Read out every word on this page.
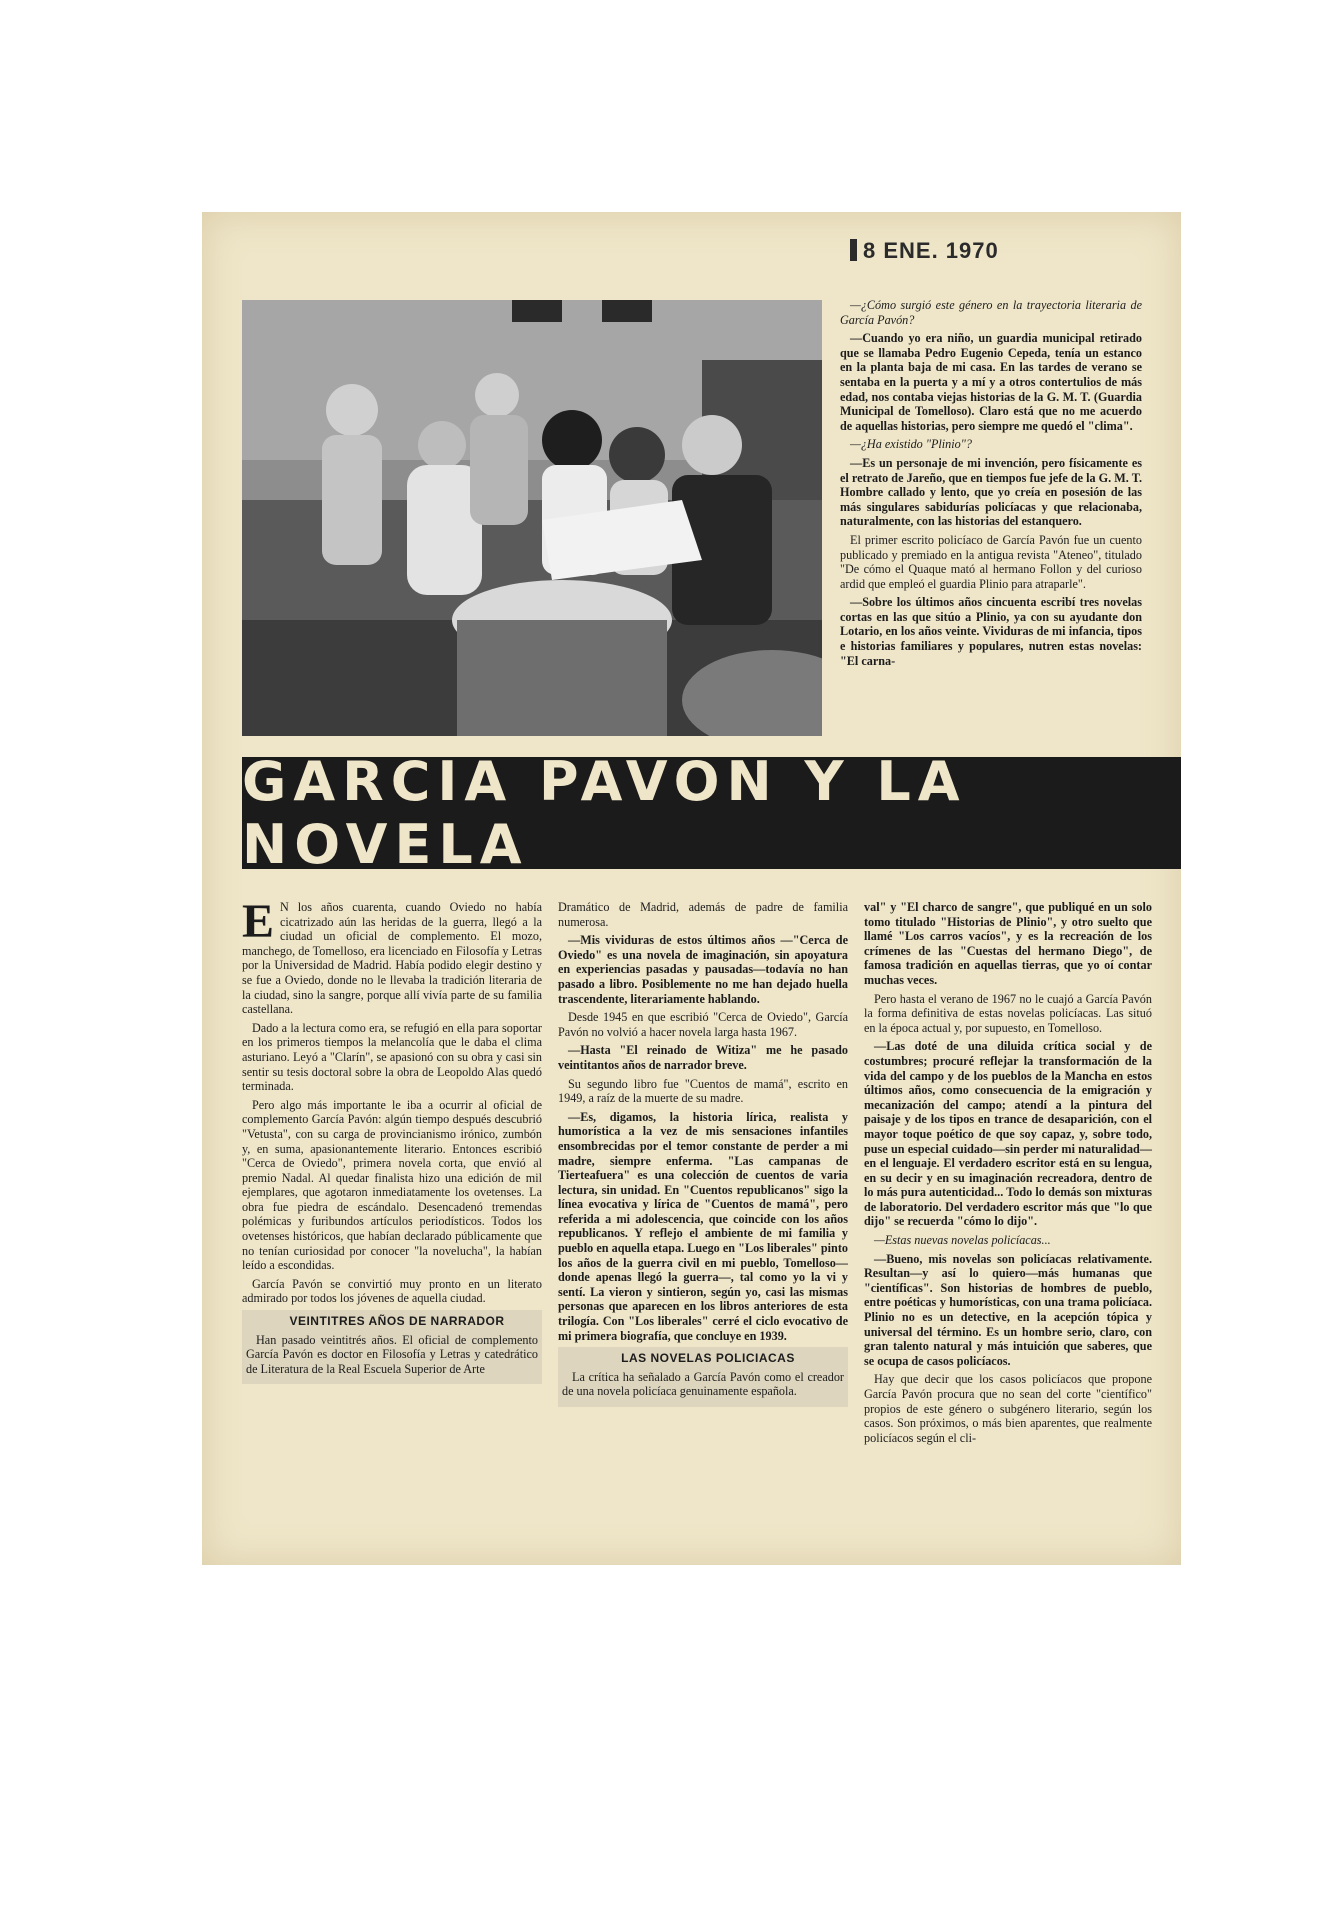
8 ENE. 1970

—¿Cómo surgió este género en la trayectoria literaria de García Pavón?

—Cuando yo era niño, un guardia municipal retirado que se llamaba Pedro Eugenio Cepeda, tenía un estanco en la planta baja de mi casa. En las tardes de verano se sentaba en la puerta y a mí y a otros contertulios de más edad, nos contaba viejas historias de la G. M. T. (Guardia Municipal de Tomelloso). Claro está que no me acuerdo de aquellas historias, pero siempre me quedó el "clima".

—¿Ha existido "Plinio"?

—Es un personaje de mi invención, pero físicamente es el retrato de Jareño, que en tiempos fue jefe de la G. M. T. Hombre callado y lento, que yo creía en posesión de las más singulares sabidurías policíacas y que relacionaba, naturalmente, con las historias del estanquero.

El primer escrito policíaco de García Pavón fue un cuento publicado y premiado en la antigua revista "Ateneo", titulado "De cómo el Quaque mató al hermano Follon y del curioso ardid que empleó el guardia Plinio para atraparle".

—Sobre los últimos años cincuenta escribí tres novelas cortas en las que sitúo a Plinio, ya con su ayudante don Lotario, en los años veinte. Vividuras de mi infancia, tipos e historias familiares y populares, nutren estas novelas: "El carna-

GARCIA PAVON Y LA NOVELA

E N los años cuarenta, cuando Oviedo no había cicatrizado aún las heridas de la guerra, llegó a la ciudad un oficial de complemento. El mozo, manchego, de Tomelloso, era licenciado en Filosofía y Letras por la Universidad de Madrid. Había podido elegir destino y se fue a Oviedo, donde no le llevaba la tradición literaria de la ciudad, sino la sangre, porque allí vivía parte de su familia castellana.

Dado a la lectura como era, se refugió en ella para soportar en los primeros tiempos la melancolía que le daba el clima asturiano. Leyó a "Clarín", se apasionó con su obra y casi sin sentir su tesis doctoral sobre la obra de Leopoldo Alas quedó terminada.

Pero algo más importante le iba a ocurrir al oficial de complemento García Pavón: algún tiempo después descubrió "Vetusta", con su carga de provincianismo irónico, zumbón y, en suma, apasionantemente literario. Entonces escribió "Cerca de Oviedo", primera novela corta, que envió al premio Nadal. Al quedar finalista hizo una edición de mil ejemplares, que agotaron inmediatamente los ovetenses. La obra fue piedra de escándalo. Desencadenó tremendas polémicas y furibundos artículos periodísticos. Todos los ovetenses históricos, que habían declarado públicamente que no tenían curiosidad por conocer "la novelucha", la habían leído a escondidas.

García Pavón se convirtió muy pronto en un literato admirado por todos los jóvenes de aquella ciudad.

VEINTITRES AÑOS DE NARRADOR

Han pasado veintitrés años. El oficial de complemento García Pavón es doctor en Filosofía y Letras y catedrático de Literatura de la Real Escuela Superior de Arte

Dramático de Madrid, además de padre de familia numerosa.

—Mis vividuras de estos últimos años —"Cerca de Oviedo" es una novela de imaginación, sin apoyatura en experiencias pasadas y pausadas—todavía no han pasado a libro. Posiblemente no me han dejado huella trascendente, literariamente hablando.

Desde 1945 en que escribió "Cerca de Oviedo", García Pavón no volvió a hacer novela larga hasta 1967.

—Hasta "El reinado de Witiza" me he pasado veintitantos años de narrador breve.

Su segundo libro fue "Cuentos de mamá", escrito en 1949, a raíz de la muerte de su madre.

—Es, digamos, la historia lírica, realista y humorística a la vez de mis sensaciones infantiles ensombrecidas por el temor constante de perder a mi madre, siempre enferma. "Las campanas de Tierteafuera" es una colección de cuentos de varia lectura, sin unidad. En "Cuentos republicanos" sigo la línea evocativa y lírica de "Cuentos de mamá", pero referida a mi adolescencia, que coincide con los años republicanos. Y reflejo el ambiente de mi familia y pueblo en aquella etapa. Luego en "Los liberales" pinto los años de la guerra civil en mi pueblo, Tomelloso—donde apenas llegó la guerra—, tal como yo la vi y sentí. La vieron y sintieron, según yo, casi las mismas personas que aparecen en los libros anteriores de esta trilogía. Con "Los liberales" cerré el ciclo evocativo de mi primera biografía, que concluye en 1939.

LAS NOVELAS POLICIACAS

La crítica ha señalado a García Pavón como el creador de una novela policíaca genuinamente española.

val" y "El charco de sangre", que publiqué en un solo tomo titulado "Historias de Plinio", y otro suelto que llamé "Los carros vacíos", y es la recreación de los crímenes de las "Cuestas del hermano Diego", de famosa tradición en aquellas tierras, que yo oí contar muchas veces.

Pero hasta el verano de 1967 no le cuajó a García Pavón la forma definitiva de estas novelas policíacas. Las situó en la época actual y, por supuesto, en Tomelloso.

—Las doté de una diluida crítica social y de costumbres; procuré reflejar la transformación de la vida del campo y de los pueblos de la Mancha en estos últimos años, como consecuencia de la emigración y mecanización del campo; atendí a la pintura del paisaje y de los tipos en trance de desaparición, con el mayor toque poético de que soy capaz, y, sobre todo, puse un especial cuidado—sin perder mi naturalidad—en el lenguaje. El verdadero escritor está en su lengua, en su decir y en su imaginación recreadora, dentro de lo más pura autenticidad... Todo lo demás son mixturas de laboratorio. Del verdadero escritor más que "lo que dijo" se recuerda "cómo lo dijo".

—Estas nuevas novelas policíacas...

—Bueno, mis novelas son policíacas relativamente. Resultan—y así lo quiero—más humanas que "científicas". Son historias de hombres de pueblo, entre poéticas y humorísticas, con una trama policíaca. Plinio no es un detective, en la acepción tópica y universal del término. Es un hombre serio, claro, con gran talento natural y más intuición que saberes, que se ocupa de casos policíacos.

Hay que decir que los casos policíacos que propone García Pavón procura que no sean del corte "científico" propios de este género o subgénero literario, según los casos. Son próximos, o más bien aparentes, que realmente policíacos según el cli-
